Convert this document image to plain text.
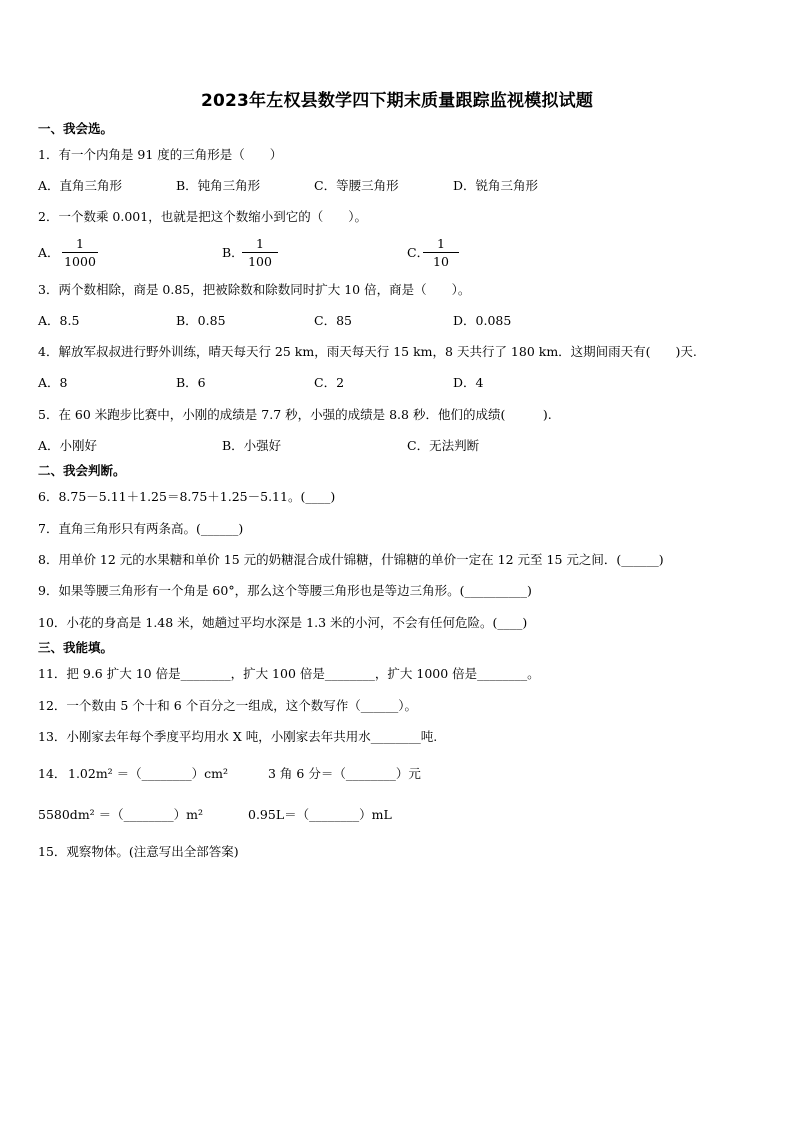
2023年左权县数学四下期末质量跟踪监视模拟试题
一、我会选。
1．有一个内角是 91 度的三角形是（　　）
A．直角三角形	B．钝角三角形	C．等腰三角形	D．锐角三角形
2．一个数乘 0.001，也就是把这个数缩小到它的（　　）。
A．
1
1000
B．
1
100
C．
1
10
3．两个数相除，商是 0.85，把被除数和除数同时扩大 10 倍，商是（　　）。
A．8.5	B．0.85	C．85	D．0.085
4．解放军叔叔进行野外训练，晴天每天行 25 km，雨天每天行 15 km，8 天共行了 180 km．这期间雨天有(　　)天.
A．8	B．6	C．2	D．4
5．在 60 米跑步比赛中，小刚的成绩是 7.7 秒，小强的成绩是 8.8 秒．他们的成绩(　　　).
A．小刚好	B．小强好	C．无法判断
二、我会判断。
6．8.75－5.11＋1.25＝8.75＋1.25－5.11。(____)
7．直角三角形只有两条高。(______)
8．用单价 12 元的水果糖和单价 15 元的奶糖混合成什锦糖，什锦糖的单价一定在 12 元至 15 元之间．(______)
9．如果等腰三角形有一个角是 60°，那么这个等腰三角形也是等边三角形。(__________)
10．小花的身高是 1.48 米，她趟过平均水深是 1.3 米的小河，不会有任何危险。(____)
三、我能填。
11．把 9.6 扩大 10 倍是________，扩大 100 倍是________，扩大 1000 倍是________。
12．一个数由 5 个十和 6 个百分之一组成，这个数写作（______）。
13．小刚家去年每个季度平均用水 X 吨，小刚家去年共用水________吨.
14． 1.02m² ＝（________）cm²	3 角 6 分＝（________）元
5580dm² ＝（________）m²	0.95L＝（________）mL
15．观察物体。(注意写出全部答案)
